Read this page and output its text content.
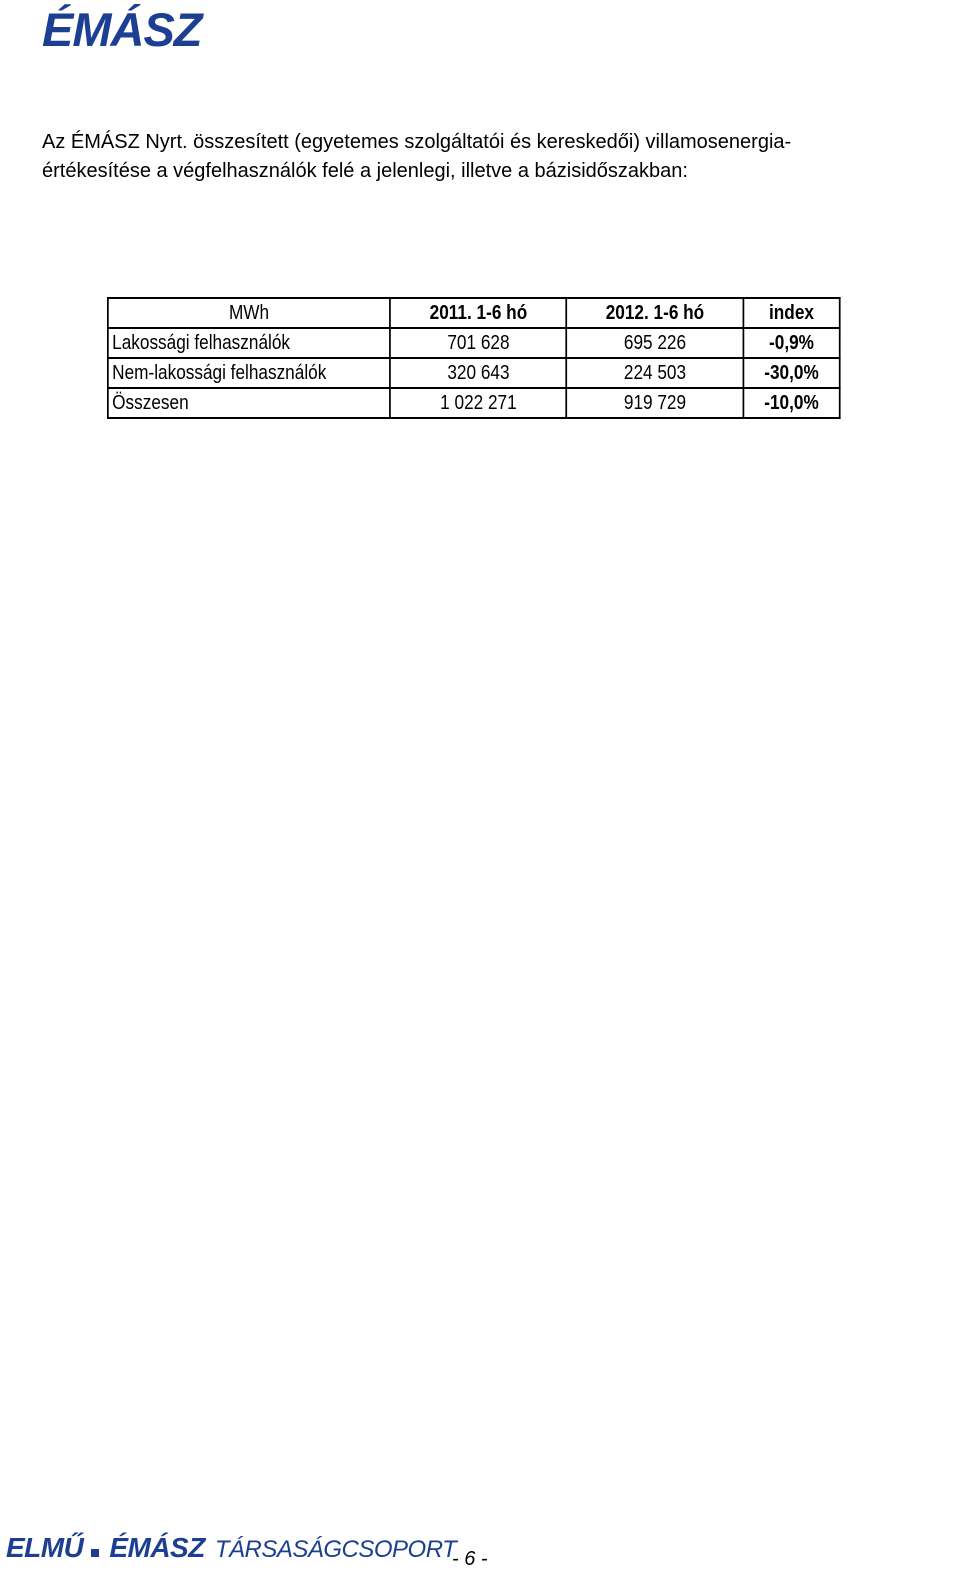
ÉMÁSZ
Az ÉMÁSZ Nyrt. összesített (egyetemes szolgáltatói és kereskedői) villamosenergia-
értékesítése a végfelhasználók felé a jelenlegi, illetve a bázisidőszakban:
MWh	2011. 1-6 hó	2012. 1-6 hó	index
Lakossági felhasználók	701 628	695 226	-0,9%
Nem-lakossági felhasználók	320 643	224 503	-30,0%
Összesen	1 022 271	919 729	-10,0%
ELMŰ ÉMÁSZ TÁRSASÁGCSOPORT
- 6 -
